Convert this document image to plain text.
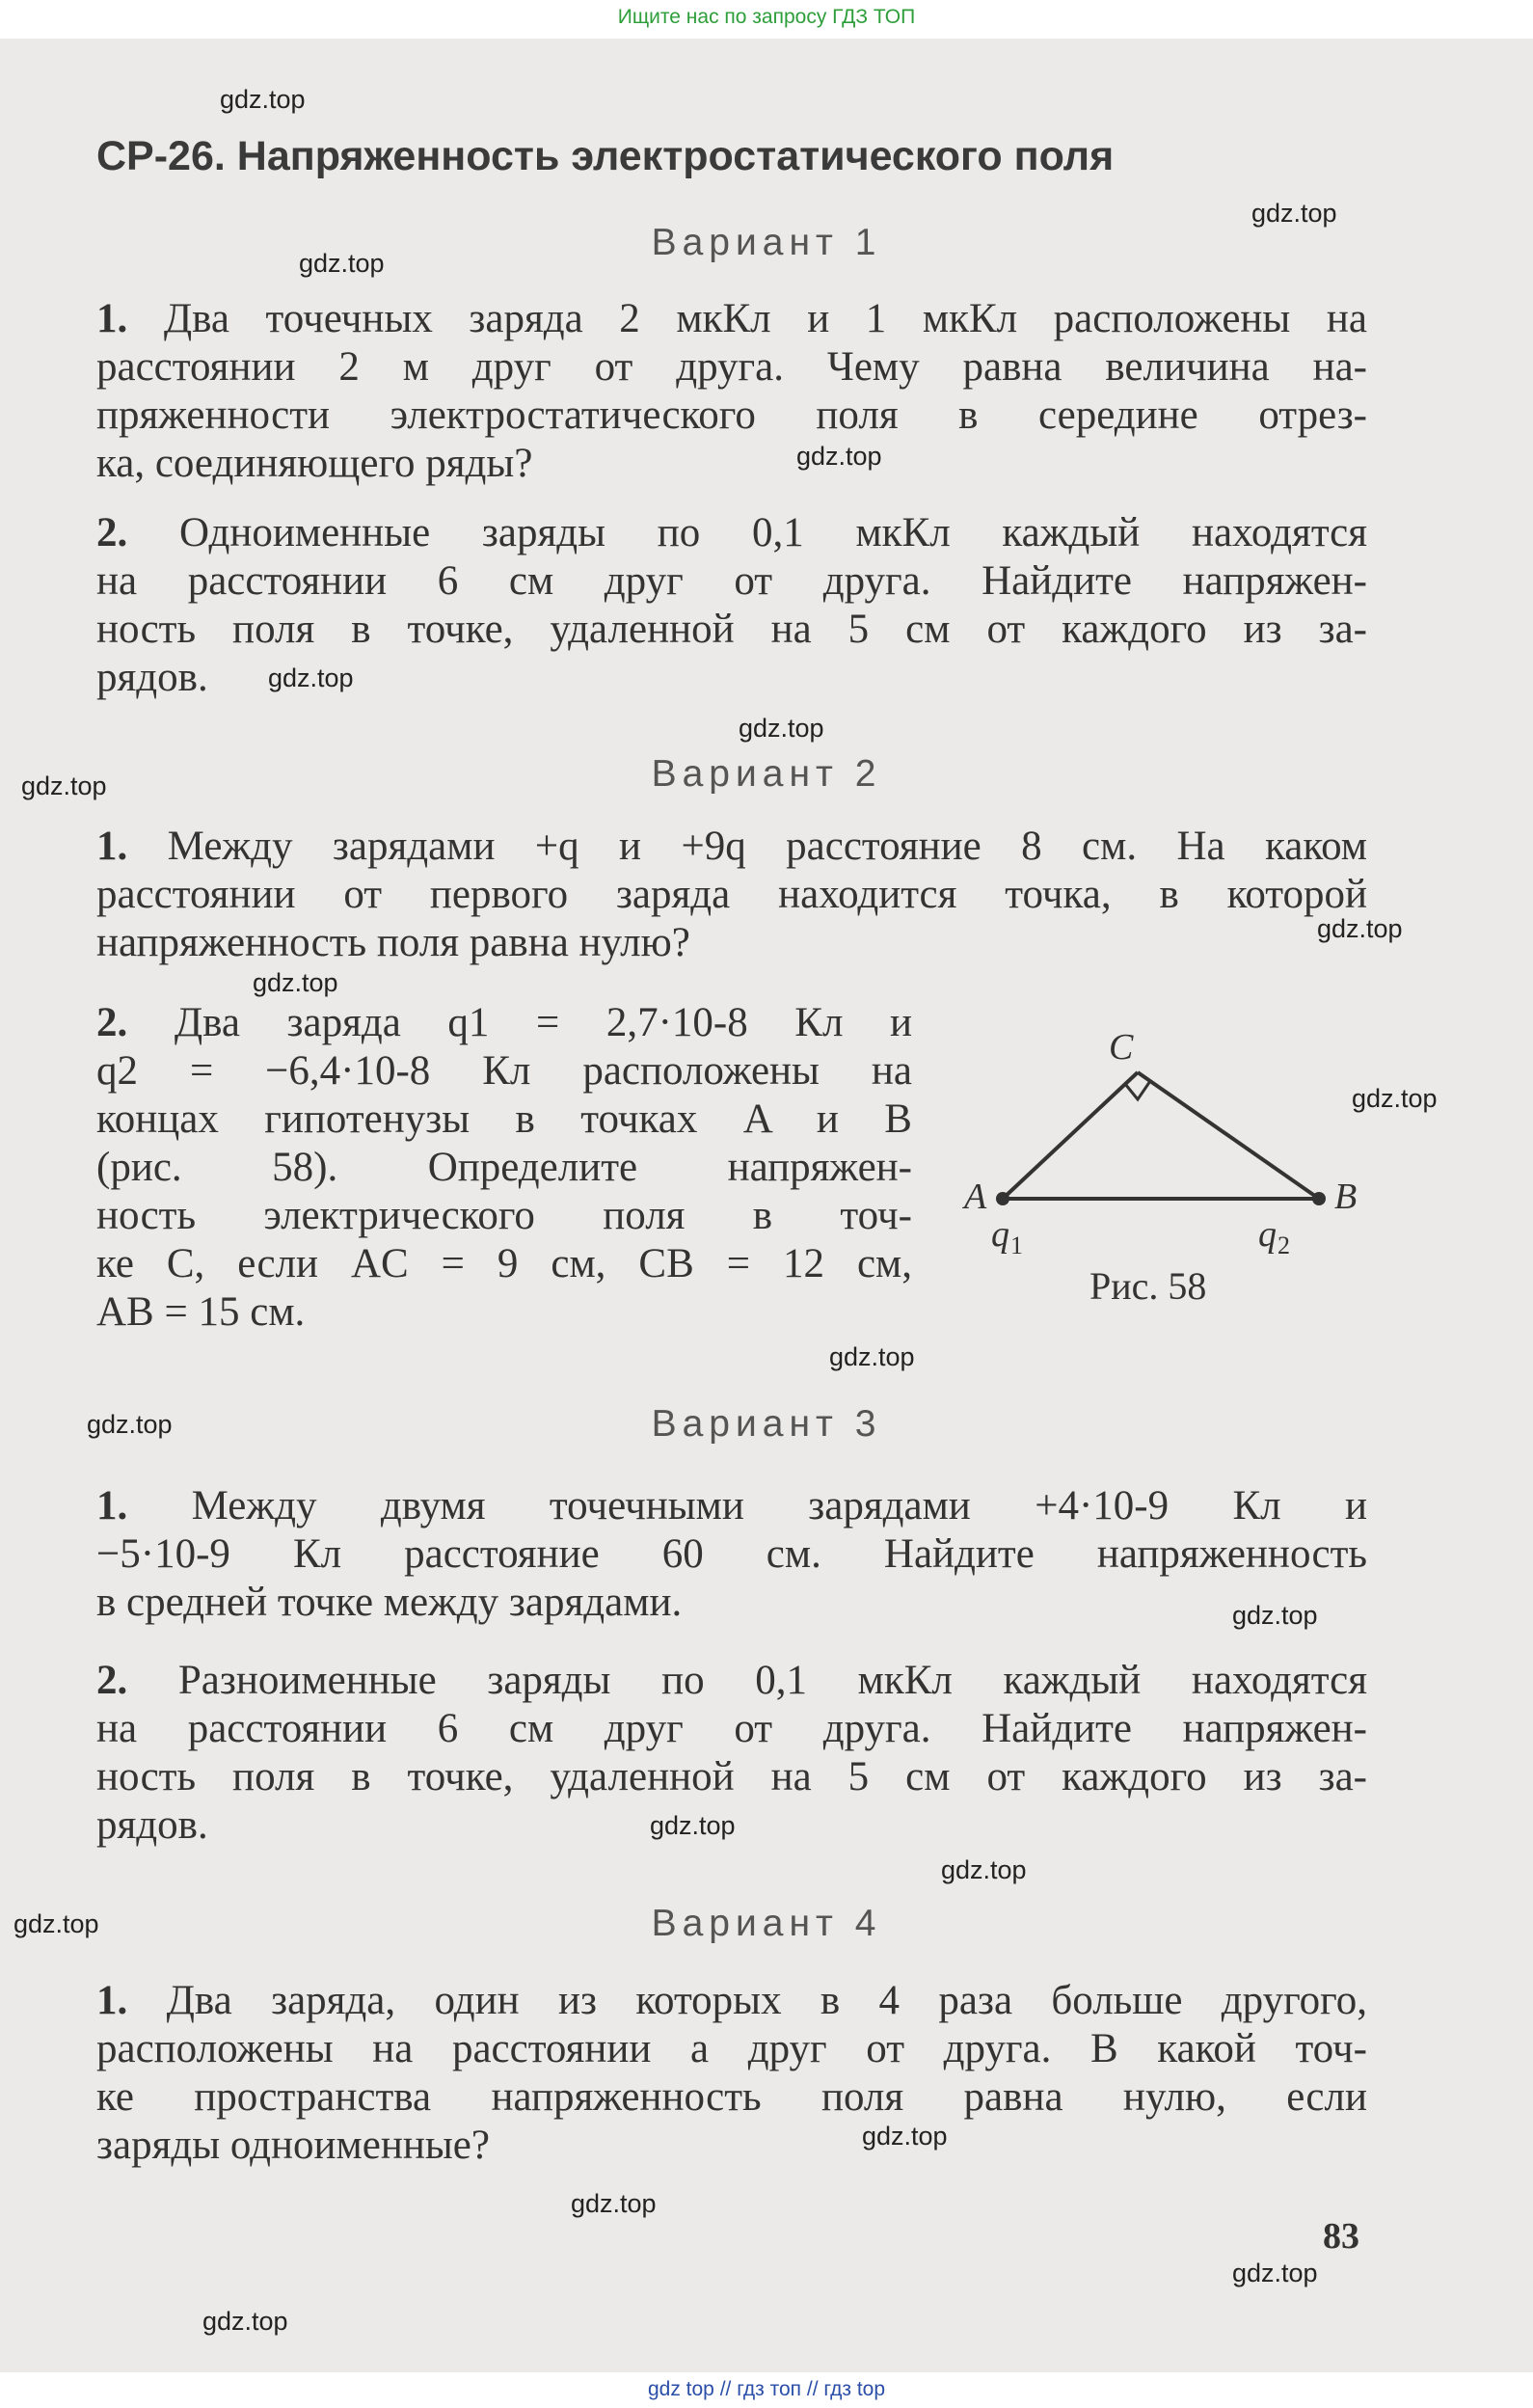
Ищите нас по запросу ГДЗ ТОП
СР-26. Напряженность электростатического поля
Вариант 1
1. Два точечных заряда 2 мкКл и 1 мкКл расположены на
расстоянии 2 м друг от друга. Чему равна величина на-
пряженности электростатического поля в середине отрез-
ка, соединяющего ряды?
2. Одноименные заряды по 0,1 мкКл каждый находятся
на расстоянии 6 см друг от друга. Найдите напряжен-
ность поля в точке, удаленной на 5 см от каждого из за-
рядов.
Вариант 2
1. Между зарядами +q и +9q расстояние 8 см. На каком
расстоянии от первого заряда находится точка, в которой
напряженность поля равна нулю?
2. Два заряда q1 = 2,7·10-8 Кл и
q2 = −6,4·10-8 Кл расположены на
концах гипотенузы в точках A и B
(рис. 58). Определите напряжен-
ность электрического поля в точ-
ке C, если AC = 9 см, CB = 12 см,
AB = 15 см.
A	B
C
q 1	q 2
Рис. 58
Вариант 3
1. Между двумя точечными зарядами +4·10-9 Кл и
−5·10-9 Кл расстояние 60 см. Найдите напряженность
в средней точке между зарядами.
2. Разноименные заряды по 0,1 мкКл каждый находятся
на расстоянии 6 см друг от друга. Найдите напряжен-
ность поля в точке, удаленной на 5 см от каждого из за-
рядов.
Вариант 4
1. Два заряда, один из которых в 4 раза больше другого,
расположены на расстоянии a друг от друга. В какой точ-
ке пространства напряженность поля равна нулю, если
заряды одноименные?
83
gdz.top
gdz.top
gdz.top
gdz.top
gdz.top
gdz.top
gdz.top
gdz.top
gdz.top
gdz.top
gdz.top
gdz.top
gdz.top
gdz.top
gdz.top
gdz.top
gdz.top
gdz.top
gdz.top
gdz.top
gdz top // гдз топ // гдз top
